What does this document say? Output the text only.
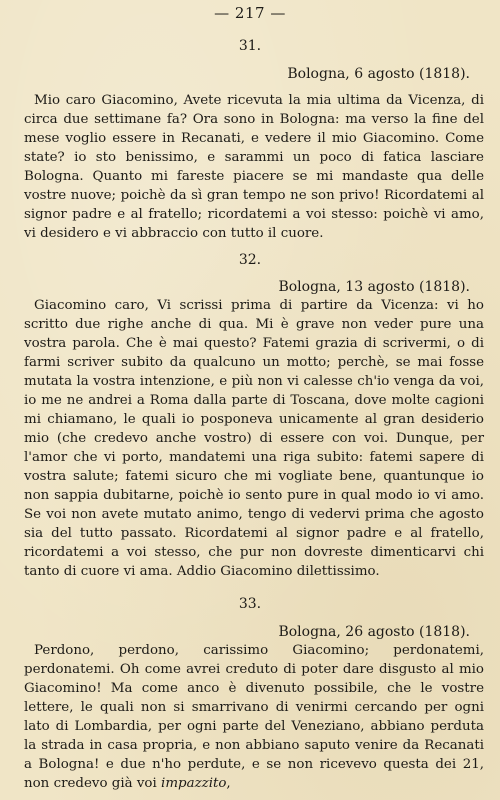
— 217 —
31.
Bologna, 6 agosto (1818).

Mio caro Giacomino, Avete ricevuta la mia ultima da Vicenza, di circa due settimane fa? Ora sono in Bologna: ma verso la fine del mese voglio essere in Recanati, e vedere il mio Giacomino. Come state? io sto benissimo, e sarammi un poco di fatica lasciare Bologna. Quanto mi fareste piacere se mi mandaste qua delle vostre nuove; poichè da sì gran tempo ne son privo! Ricordatemi al signor padre e al fratello; ricordatemi a voi stesso: poichè vi amo, vi desidero e vi abbraccio con tutto il cuore.

32.
Bologna, 13 agosto (1818).

Giacomino caro, Vi scrissi prima di partire da Vicenza: vi ho scritto due righe anche di qua. Mi è grave non veder pure una vostra parola. Che è mai questo? Fatemi grazia di scrivermi, o di farmi scriver subito da qualcuno un motto; perchè, se mai fosse mutata la vostra intenzione, e più non vi calesse ch'io venga da voi, io me ne andrei a Roma dalla parte di Toscana, dove molte cagioni mi chiamano, le quali io posponeva unicamente al gran desiderio mio (che credevo anche vostro) di essere con voi. Dunque, per l'amor che vi porto, mandatemi una riga subito: fatemi sapere di vostra salute; fatemi sicuro che mi vogliate bene, quantunque io non sappia dubitarne, poichè io sento pure in qual modo io vi amo. Se voi non avete mutato animo, tengo di vedervi prima che agosto sia del tutto passato. Ricordatemi al signor padre e al fratello, ricordatemi a voi stesso, che pur non dovreste dimenticarvi chi tanto di cuore vi ama. Addio Giacomino dilettissimo.

33.
Bologna, 26 agosto (1818).

Perdono, perdono, carissimo Giacomino; perdonatemi, perdonatemi. Oh come avrei creduto di poter dare disgusto al mio Giacomino! Ma come anco è divenuto possibile, che le vostre lettere, le quali non si smarrivano di venirmi cercando per ogni lato di Lombardia, per ogni parte del Veneziano, abbiano perduta la strada in casa propria, e non abbiano saputo venire da Recanati a Bologna! e due n'ho perdute, e se non ricevevo questa dei 21, non credevo già voi impazzito,
